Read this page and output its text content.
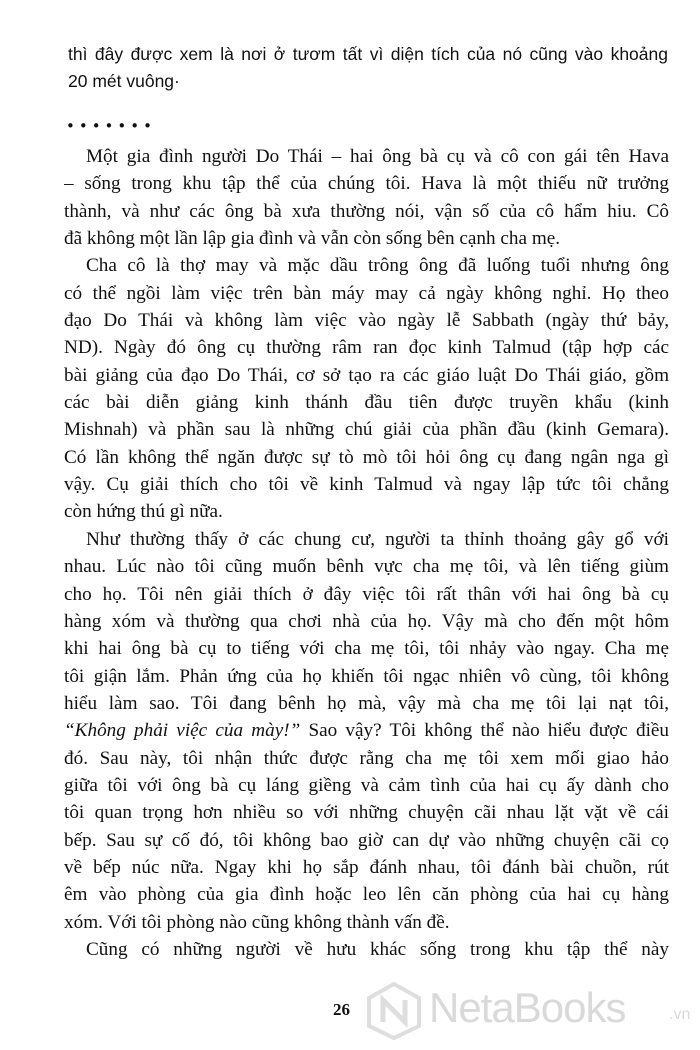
thì đây được xem là nơi ở tươm tất vì diện tích của nó cũng vào khoảng
20 mét vuông·
•••••••
Một gia đình người Do Thái – hai ông bà cụ và cô con gái tên Hava
– sống trong khu tập thể của chúng tôi. Hava là một thiếu nữ trưởng
thành, và như các ông bà xưa thường nói, vận số của cô hẩm hiu. Cô
đã không một lần lập gia đình và vẫn còn sống bên cạnh cha mẹ.
Cha cô là thợ may và mặc dầu trông ông đã luống tuổi nhưng ông
có thể ngồi làm việc trên bàn máy may cả ngày không nghỉ. Họ theo
đạo Do Thái và không làm việc vào ngày lễ Sabbath (ngày thứ bảy,
ND). Ngày đó ông cụ thường râm ran đọc kinh Talmud (tập hợp các
bài giảng của đạo Do Thái, cơ sở tạo ra các giáo luật Do Thái giáo, gồm
các bài diễn giảng kinh thánh đầu tiên được truyền khẩu (kinh
Mishnah) và phần sau là những chú giải của phần đầu (kinh Gemara).
Có lần không thể ngăn được sự tò mò tôi hỏi ông cụ đang ngân nga gì
vậy. Cụ giải thích cho tôi về kinh Talmud và ngay lập tức tôi chẳng
còn hứng thú gì nữa.
Như thường thấy ở các chung cư, người ta thỉnh thoảng gây gổ với
nhau. Lúc nào tôi cũng muốn bênh vực cha mẹ tôi, và lên tiếng giùm
cho họ. Tôi nên giải thích ở đây việc tôi rất thân với hai ông bà cụ
hàng xóm và thường qua chơi nhà của họ. Vậy mà cho đến một hôm
khi hai ông bà cụ to tiếng với cha mẹ tôi, tôi nhảy vào ngay. Cha mẹ
tôi giận lắm. Phản ứng của họ khiến tôi ngạc nhiên vô cùng, tôi không
hiểu làm sao. Tôi đang bênh họ mà, vậy mà cha mẹ tôi lại nạt tôi,
“Không phải việc của mày!” Sao vậy? Tôi không thể nào hiểu được điều
đó. Sau này, tôi nhận thức được rằng cha mẹ tôi xem mối giao hảo
giữa tôi với ông bà cụ láng giềng và cảm tình của hai cụ ấy dành cho
tôi quan trọng hơn nhiều so với những chuyện cãi nhau lặt vặt về cái
bếp. Sau sự cố đó, tôi không bao giờ can dự vào những chuyện cãi cọ
về bếp núc nữa. Ngay khi họ sắp đánh nhau, tôi đánh bài chuồn, rút
êm vào phòng của gia đình hoặc leo lên căn phòng của hai cụ hàng
xóm. Với tôi phòng nào cũng không thành vấn đề.
Cũng có những người về hưu khác sống trong khu tập thể này
26 NetaBooks	.vn
